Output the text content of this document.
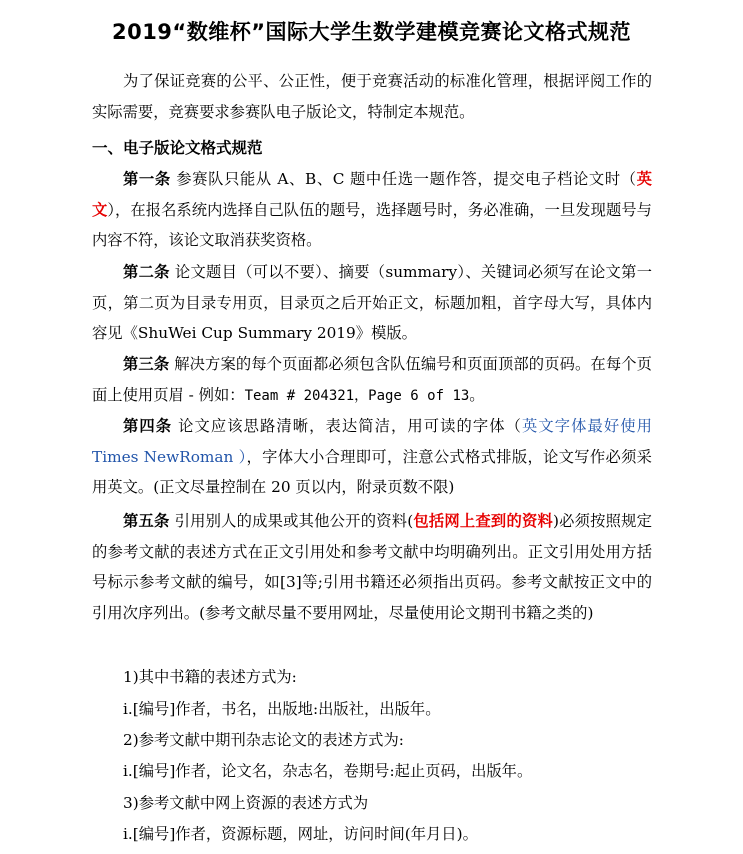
2019“数维杯”国际大学生数学建模竞赛论文格式规范

为了保证竞赛的公平、公正性，便于竞赛活动的标准化管理，根据评阅工作的实际需要，竞赛要求参赛队电子版论文，特制定本规范。

一、电子版论文格式规范

第一条 参赛队只能从 A、B、C 题中任选一题作答，提交电子档论文时（英文），在报名系统内选择自己队伍的题号，选择题号时，务必准确，一旦发现题号与内容不符，该论文取消获奖资格。

第二条 论文题目（可以不要）、摘要（summary）、关键词必须写在论文第一页，第二页为目录专用页，目录页之后开始正文，标题加粗，首字母大写，具体内容见《ShuWei Cup Summary 2019》模版。

第三条 解决方案的每个页面都必须包含队伍编号和页面顶部的页码。在每个页面上使用页眉 - 例如：Team # 204321，Page 6 of 13。

第四条 论文应该思路清晰，表达简洁，用可读的字体（英文字体最好使用 Times NewRoman ），字体大小合理即可，注意公式格式排版，论文写作必须采用英文。(正文尽量控制在 20 页以内，附录页数不限)

第五条 引用别人的成果或其他公开的资料(包括网上查到的资料)必须按照规定的参考文献的表述方式在正文引用处和参考文献中均明确列出。正文引用处用方括号标示参考文献的编号，如[3]等;引用书籍还必须指出页码。参考文献按正文中的引用次序列出。(参考文献尽量不要用网址，尽量使用论文期刊书籍之类的)

1)其中书籍的表述方式为:
i.[编号]作者，书名，出版地:出版社，出版年。
2)参考文献中期刊杂志论文的表述方式为:
i.[编号]作者，论文名，杂志名，卷期号:起止页码，出版年。
3)参考文献中网上资源的表述方式为
i.[编号]作者，资源标题，网址，访问时间(年月日)。
